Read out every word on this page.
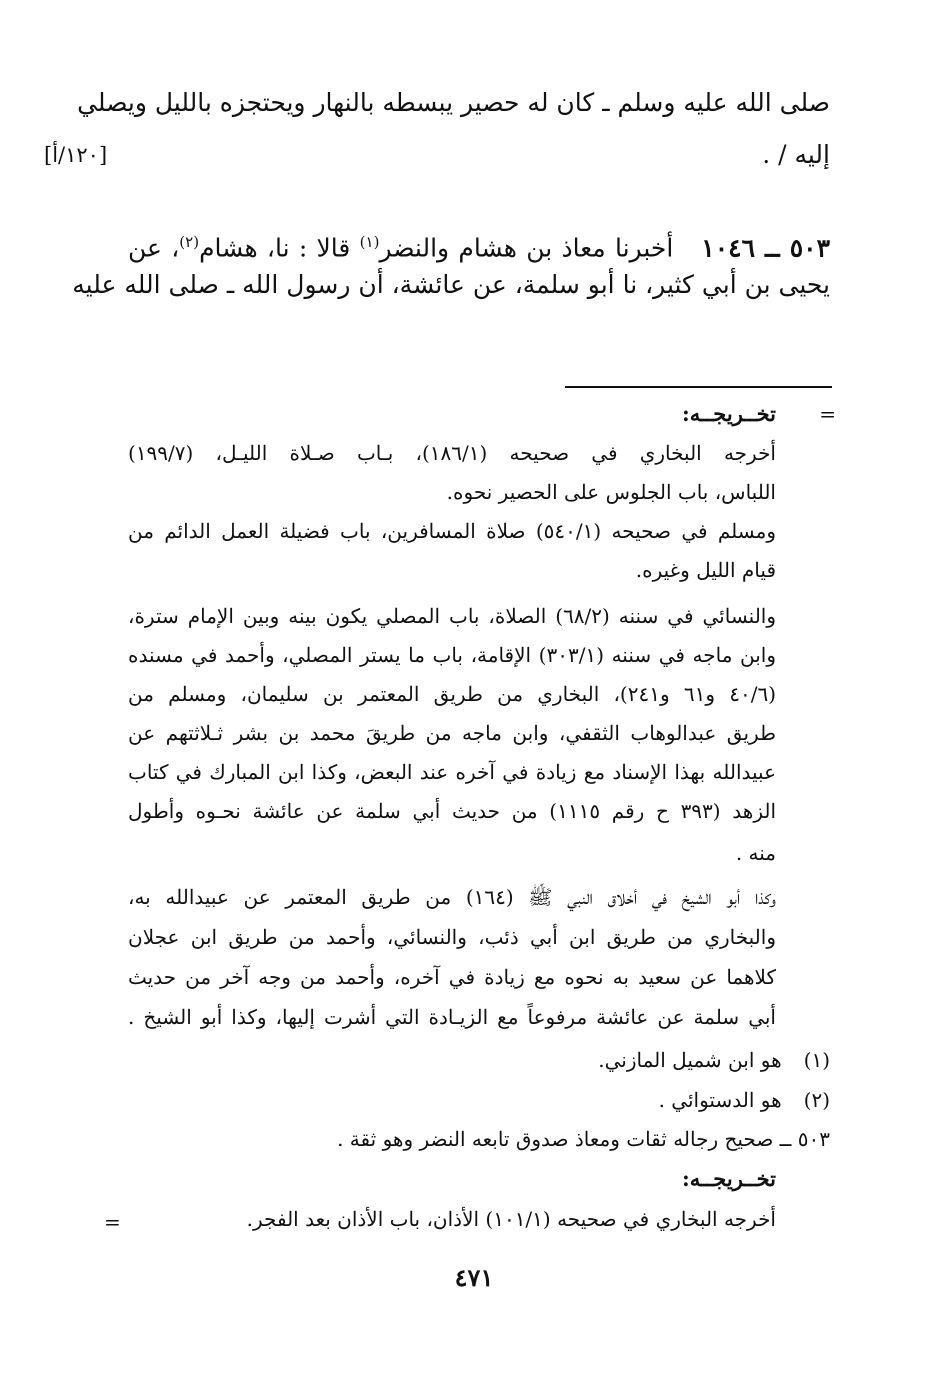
صلى الله عليه وسلم ـ كان له حصير يبسطه بالنهار ويحتجزه بالليل ويصلي
إليه / .
[١٢٠/أ]
٥٠٣ ــ ١٠٤٦أخبرنا معاذ بن هشام والنضر$^{(١)}$ قالا : نا، هشام$^{(٢)}$، عن
يحيى بن أبي كثير، نا أبو سلمة، عن عائشة، أن رسول الله ـ صلى الله عليه
=
تخــريجــه:
أخرجه البخاري في صحيحه (١٨٦/١)، بـاب صـلاة الليـل، (١٩٩/٧)
اللباس، باب الجلوس على الحصير نحوه.
ومسلم في صحيحه (٥٤٠/١) صلاة المسافرين، باب فضيلة العمل الدائم من
قيام الليل وغيره.
والنسائي في سننه (٦٨/٢) الصلاة، باب المصلي يكون بينه وبين الإمام سترة،
وابن ماجه في سننه (٣٠٣/١) الإقامة، باب ما يستر المصلي، وأحمد في مسنده
(٤٠/٦ و٦١ و٢٤١)، البخاري من طريق المعتمر بن سليمان، ومسلم من
طريق عبدالوهاب الثقفي، وابن ماجه من طريقَ محمد بن بشر ثـلاثتهم عن
عبيدالله بهذا الإسناد مع زيادة في آخره عند البعض، وكذا ابن المبارك في كتاب
الزهد (٣٩٣ ح رقم ١١١٥) من حديث أبي سلمة عن عائشة نحـوه وأطول
منه .
وكذا أبو الشيخ في أخلاق النبي ﷺ (١٦٤) من طريق المعتمر عن عبيدالله به،
والبخاري من طريق ابن أبي ذئب، والنسائي، وأحمد من طريق ابن عجلان
كلاهما عن سعيد به نحوه مع زيادة في آخره، وأحمد من وجه آخر من حديث
أبي سلمة عن عائشة مرفوعاً مع الزيـادة التي أشرت إليها، وكذا أبو الشيخ .
(١)هو ابن شميل المازني.
(٢)هو الدستوائي .
٥٠٣ ــ صحيح رجاله ثقات ومعاذ صدوق تابعه النضر وهو ثقة .
تخــريجــه:
أخرجه البخاري في صحيحه (١٠١/١) الأذان، باب الأذان بعد الفجر.
=
٤٧١
